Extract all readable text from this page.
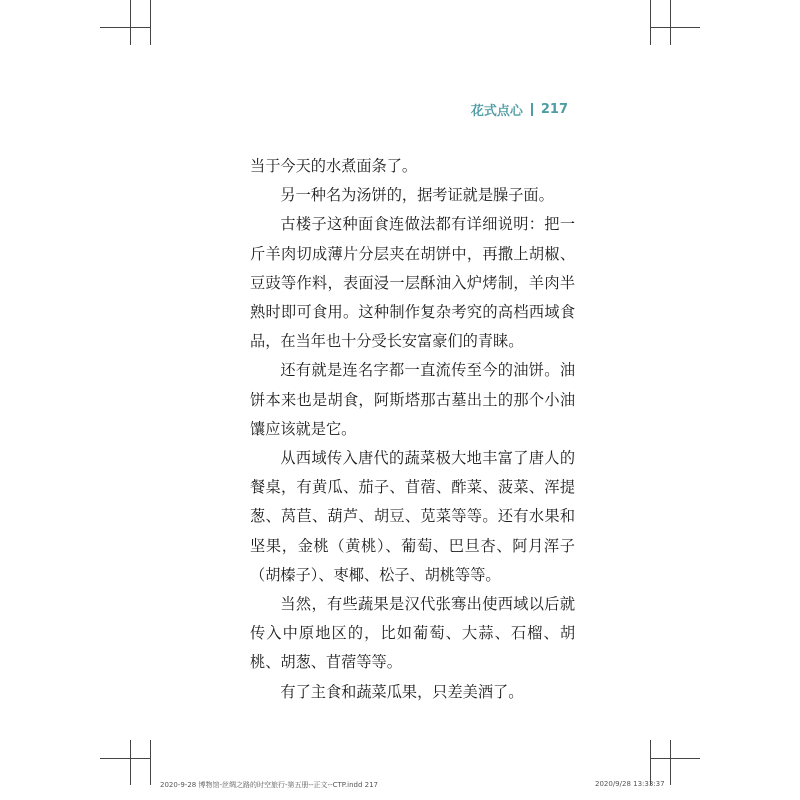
花式点心 217

当于今天的水煮面条了。

另一种名为汤饼的，据考证就是臊子面。

古楼子这种面食连做法都有详细说明：把一斤羊肉切成薄片分层夹在胡饼中，再撒上胡椒、豆豉等作料，表面浸一层酥油入炉烤制，羊肉半熟时即可食用。这种制作复杂考究的高档西域食品，在当年也十分受长安富豪们的青睐。

还有就是连名字都一直流传至今的油饼。油饼本来也是胡食，阿斯塔那古墓出土的那个小油馕应该就是它。

从西域传入唐代的蔬菜极大地丰富了唐人的餐桌，有黄瓜、茄子、苜蓿、酢菜、菠菜、浑提葱、莴苣、葫芦、胡豆、苋菜等等。还有水果和坚果，金桃（黄桃）、葡萄、巴旦杏、阿月浑子（胡榛子）、枣椰、松子、胡桃等等。

当然，有些蔬果是汉代张骞出使西域以后就传入中原地区的，比如葡萄、大蒜、石榴、胡桃、胡葱、苜蓿等等。

有了主食和蔬菜瓜果，只差美酒了。

2020-9-28 博物馆-丝绸之路的时空旅行-第五册--正文--CTP.indd 217	2020/9/28 13:33:37
